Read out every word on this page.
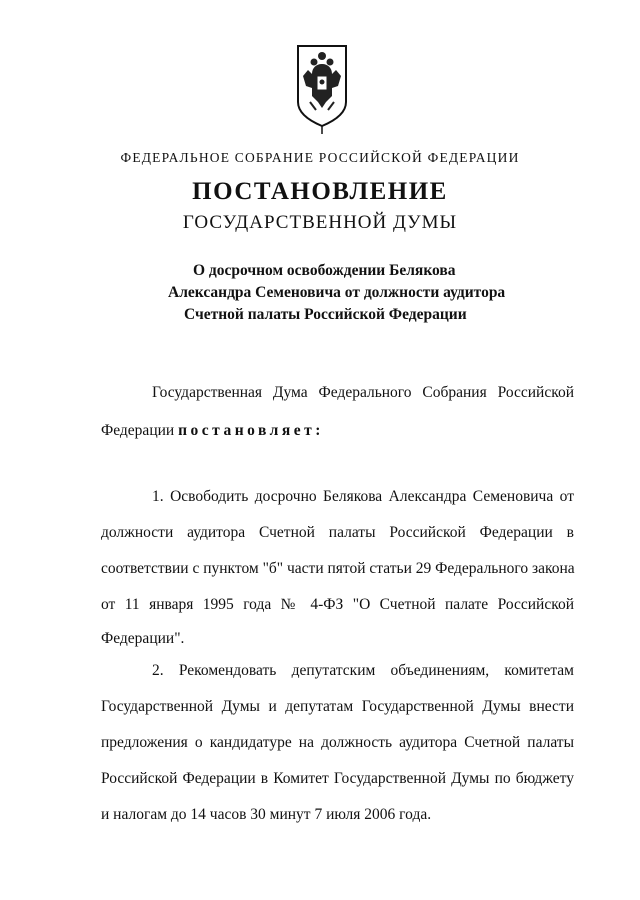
ФЕДЕРАЛЬНОЕ СОБРАНИЕ РОССИЙСКОЙ ФЕДЕРАЦИИ
ПОСТАНОВЛЕНИЕ
ГОСУДАРСТВЕННОЙ ДУМЫ
О досрочном освобождении Белякова
Александра Семеновича от должности аудитора
Счетной палаты Российской Федерации
Государственная Дума Федерального Собрания Российской
Федерации постановляет:
1. Освободить досрочно Белякова Александра Семеновича от
должности аудитора Счетной палаты Российской Федерации в
соответствии с пунктом "б" части пятой статьи 29 Федерального закона
от 11 января 1995 года № 4-ФЗ "О Счетной палате Российской
Федерации".
2. Рекомендовать депутатским объединениям, комитетам
Государственной Думы и депутатам Государственной Думы внести
предложения о кандидатуре на должность аудитора Счетной палаты
Российской Федерации в Комитет Государственной Думы по бюджету
и налогам до 14 часов 30 минут 7 июля 2006 года.
